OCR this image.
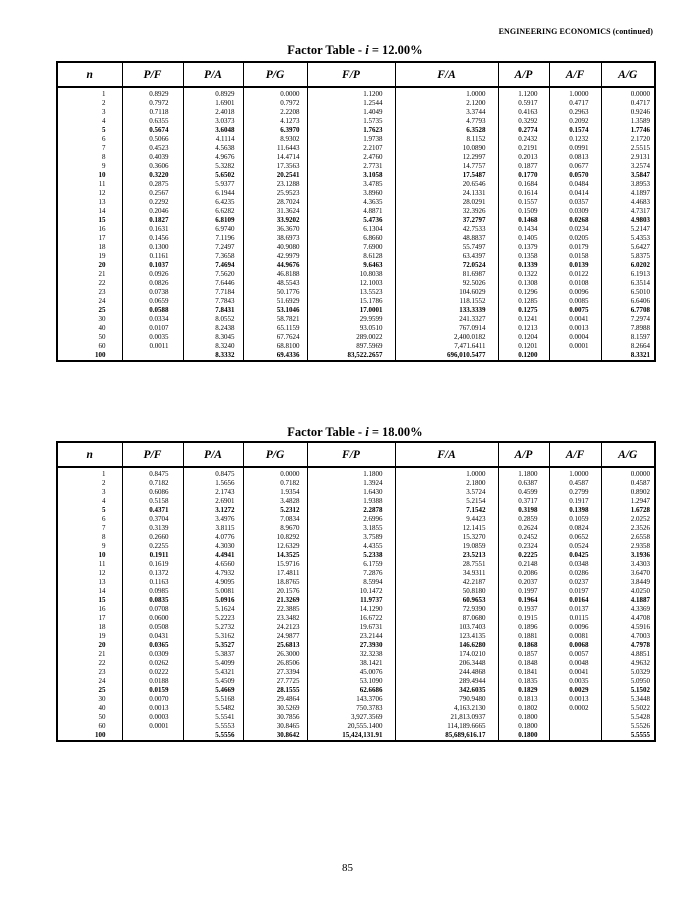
ENGINEERING ECONOMICS (continued)
Factor Table - i = 12.00%
n	P/F	P/A	P/G	F/P	F/A	A/P	A/F	A/G
1	0.8929	0.8929	0.0000	1.1200	1.0000	1.1200	1.0000	0.0000
2	0.7972	1.6901	0.7972	1.2544	2.1200	0.5917	0.4717	0.4717
3	0.7118	2.4018	2.2208	1.4049	3.3744	0.4163	0.2963	0.9246
4	0.6355	3.0373	4.1273	1.5735	4.7793	0.3292	0.2092	1.3589
5	0.5674	3.6048	6.3970	1.7623	6.3528	0.2774	0.1574	1.7746
6	0.5066	4.1114	8.9302	1.9738	8.1152	0.2432	0.1232	2.1720
7	0.4523	4.5638	11.6443	2.2107	10.0890	0.2191	0.0991	2.5515
8	0.4039	4.9676	14.4714	2.4760	12.2997	0.2013	0.0813	2.9131
9	0.3606	5.3282	17.3563	2.7731	14.7757	0.1877	0.0677	3.2574
10	0.3220	5.6502	20.2541	3.1058	17.5487	0.1770	0.0570	3.5847
11	0.2875	5.9377	23.1288	3.4785	20.6546	0.1684	0.0484	3.8953
12	0.2567	6.1944	25.9523	3.8960	24.1331	0.1614	0.0414	4.1897
13	0.2292	6.4235	28.7024	4.3635	28.0291	0.1557	0.0357	4.4683
14	0.2046	6.6282	31.3624	4.8871	32.3926	0.1509	0.0309	4.7317
15	0.1827	6.8109	33.9202	5.4736	37.2797	0.1468	0.0268	4.9803
16	0.1631	6.9740	36.3670	6.1304	42.7533	0.1434	0.0234	5.2147
17	0.1456	7.1196	38.6973	6.8660	48.8837	0.1405	0.0205	5.4353
18	0.1300	7.2497	40.9080	7.6900	55.7497	0.1379	0.0179	5.6427
19	0.1161	7.3658	42.9979	8.6128	63.4397	0.1358	0.0158	5.8375
20	0.1037	7.4694	44.9676	9.6463	72.0524	0.1339	0.0139	6.0202
21	0.0926	7.5620	46.8188	10.8038	81.6987	0.1322	0.0122	6.1913
22	0.0826	7.6446	48.5543	12.1003	92.5026	0.1308	0.0108	6.3514
23	0.0738	7.7184	50.1776	13.5523	104.6029	0.1296	0.0096	6.5010
24	0.0659	7.7843	51.6929	15.1786	118.1552	0.1285	0.0085	6.6406
25	0.0588	7.8431	53.1046	17.0001	133.3339	0.1275	0.0075	6.7708
30	0.0334	8.0552	58.7821	29.9599	241.3327	0.1241	0.0041	7.2974
40	0.0107	8.2438	65.1159	93.0510	767.0914	0.1213	0.0013	7.8988
50	0.0035	8.3045	67.7624	289.0022	2,400.0182	0.1204	0.0004	8.1597
60	0.0011	8.3240	68.8100	897.5969	7,471.6411	0.1201	0.0001	8.2664
100		8.3332	69.4336	83,522.2657	696,010.5477	0.1200		8.3321
Factor Table - i = 18.00%
n	P/F	P/A	P/G	F/P	F/A	A/P	A/F	A/G
1	0.8475	0.8475	0.0000	1.1800	1.0000	1.1800	1.0000	0.0000
2	0.7182	1.5656	0.7182	1.3924	2.1800	0.6387	0.4587	0.4587
3	0.6086	2.1743	1.9354	1.6430	3.5724	0.4599	0.2799	0.8902
4	0.5158	2.6901	3.4828	1.9388	5.2154	0.3717	0.1917	1.2947
5	0.4371	3.1272	5.2312	2.2878	7.1542	0.3198	0.1398	1.6728
6	0.3704	3.4976	7.0834	2.6996	9.4423	0.2859	0.1059	2.0252
7	0.3139	3.8115	8.9670	3.1855	12.1415	0.2624	0.0824	2.3526
8	0.2660	4.0776	10.8292	3.7589	15.3270	0.2452	0.0652	2.6558
9	0.2255	4.3030	12.6329	4.4355	19.0859	0.2324	0.0524	2.9358
10	0.1911	4.4941	14.3525	5.2338	23.5213	0.2225	0.0425	3.1936
11	0.1619	4.6560	15.9716	6.1759	28.7551	0.2148	0.0348	3.4303
12	0.1372	4.7932	17.4811	7.2876	34.9311	0.2086	0.0286	3.6470
13	0.1163	4.9095	18.8765	8.5994	42.2187	0.2037	0.0237	3.8449
14	0.0985	5.0081	20.1576	10.1472	50.8180	0.1997	0.0197	4.0250
15	0.0835	5.0916	21.3269	11.9737	60.9653	0.1964	0.0164	4.1887
16	0.0708	5.1624	22.3885	14.1290	72.9390	0.1937	0.0137	4.3369
17	0.0600	5.2223	23.3482	16.6722	87.0680	0.1915	0.0115	4.4708
18	0.0508	5.2732	24.2123	19.6731	103.7403	0.1896	0.0096	4.5916
19	0.0431	5.3162	24.9877	23.2144	123.4135	0.1881	0.0081	4.7003
20	0.0365	5.3527	25.6813	27.3930	146.6280	0.1868	0.0068	4.7978
21	0.0309	5.3837	26.3000	32.3238	174.0210	0.1857	0.0057	4.8851
22	0.0262	5.4099	26.8506	38.1421	206.3448	0.1848	0.0048	4.9632
23	0.0222	5.4321	27.3394	45.0076	244.4868	0.1841	0.0041	5.0329
24	0.0188	5.4509	27.7725	53.1090	289.4944	0.1835	0.0035	5.0950
25	0.0159	5.4669	28.1555	62.6686	342.6035	0.1829	0.0029	5.1502
30	0.0070	5.5168	29.4864	143.3706	790.9480	0.1813	0.0013	5.3448
40	0.0013	5.5482	30.5269	750.3783	4,163.2130	0.1802	0.0002	5.5022
50	0.0003	5.5541	30.7856	3,927.3569	21,813.0937	0.1800		5.5428
60	0.0001	5.5553	30.8465	20,555.1400	114,189.6665	0.1800		5.5526
100		5.5556	30.8642	15,424,131.91	85,689,616.17	0.1800		5.5555
85
